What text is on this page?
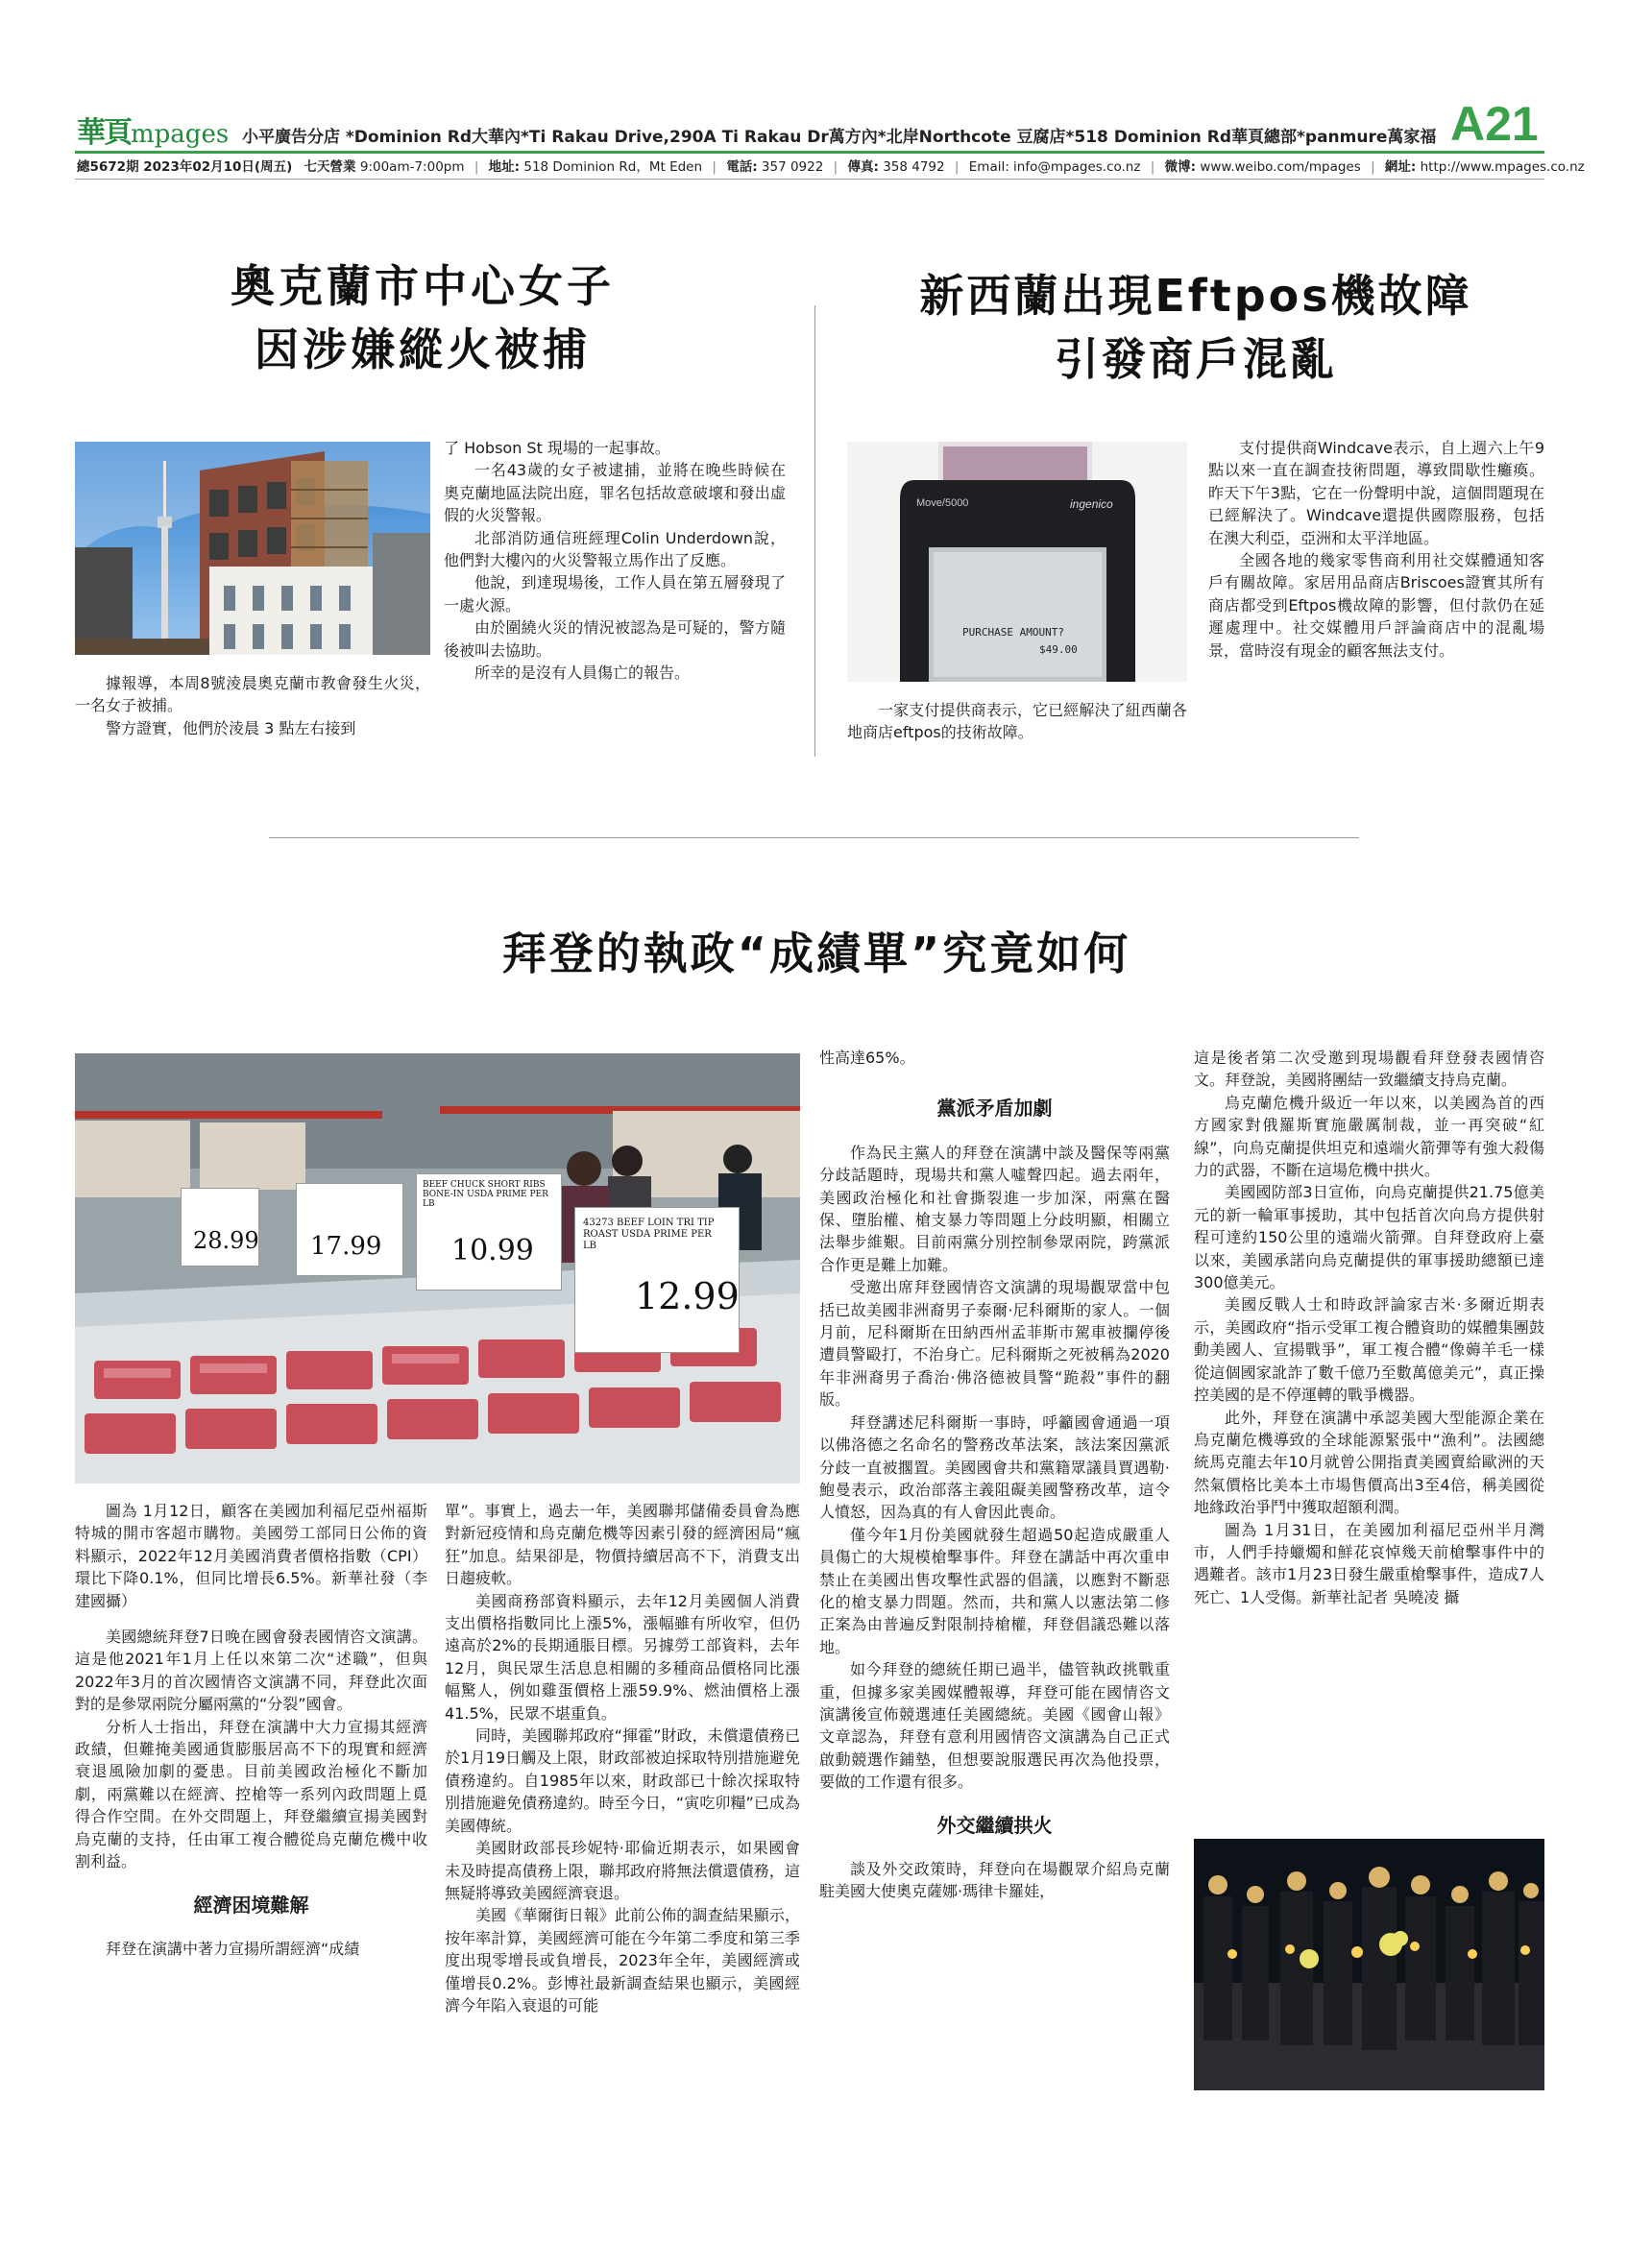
華頁mpages 小平廣告分店 *Dominion Rd大華內*Ti Rakau Drive,290A Ti Rakau Dr萬方內*北岸Northcote 豆腐店*518 Dominion Rd華頁總部*panmure萬家福 A21
總5672期 2023年02月10日(周五) 七天營業 9:00am-7:00pm | 地址: 518 Dominion Rd，Mt Eden | 電話: 357 0922 | 傳真: 358 4792 | Email: info@mpages.co.nz | 微博: www.weibo.com/mpages | 網址: http://www.mpages.co.nz
奧克蘭市中心女子
因涉嫌縱火被捕

據報導，本周8號淩晨奧克蘭市教會發生火災，一名女子被捕。

警方證實，他們於淩晨 3 點左右接到

了 Hobson St 現場的一起事故。

一名43歲的女子被逮捕，並將在晚些時候在奧克蘭地區法院出庭，罪名包括故意破壞和發出虛假的火災警報。

北部消防通信班經理Colin Underdown說，他們對大樓內的火災警報立馬作出了反應。

他說，到達現場後，工作人員在第五層發現了一處火源。

由於圍繞火災的情況被認為是可疑的，警方隨後被叫去協助。

所幸的是沒有人員傷亡的報告。

新西蘭出現Eftpos機故障
引發商戶混亂
Move/5000	ingenico
PURCHASE AMOUNT?
$49.00

一家支付提供商表示，它已經解決了紐西蘭各地商店eftpos的技術故障。

支付提供商Windcave表示，自上週六上午9點以來一直在調查技術問題，導致間歇性癱瘓。昨天下午3點，它在一份聲明中說，這個問題現在已經解決了。Windcave還提供國際服務，包括在澳大利亞，亞洲和太平洋地區。

全國各地的幾家零售商利用社交媒體通知客戶有關故障。家居用品商店Briscoes證實其所有商店都受到Eftpos機故障的影響，但付款仍在延遲處理中。社交媒體用戶評論商店中的混亂場景，當時沒有現金的顧客無法支付。

拜登的執政“成績單”究竟如何
28.99 17.99
BEEF CHUCK SHORT RIBS BONE-IN USDA PRIME PER LB
10.99
43273 BEEF LOIN TRI TIP ROAST USDA PRIME PER LB
12.99

圖為 1月12日，顧客在美國加利福尼亞州福斯特城的開市客超市購物。美國勞工部同日公佈的資料顯示，2022年12月美國消費者價格指數（CPI）環比下降0.1%，但同比增長6.5%。新華社發（李建國攝）

美國總統拜登7日晚在國會發表國情咨文演講。這是他2021年1月上任以來第二次“述職”，但與2022年3月的首次國情咨文演講不同，拜登此次面對的是參眾兩院分屬兩黨的“分裂”國會。

分析人士指出，拜登在演講中大力宣揚其經濟政績，但難掩美國通貨膨脹居高不下的現實和經濟衰退風險加劇的憂患。目前美國政治極化不斷加劇，兩黨難以在經濟、控槍等一系列內政問題上覓得合作空間。在外交問題上，拜登繼續宣揚美國對烏克蘭的支持，任由軍工複合體從烏克蘭危機中收割利益。

經濟困境難解

拜登在演講中著力宣揚所謂經濟“成績

單”。事實上，過去一年，美國聯邦儲備委員會為應對新冠疫情和烏克蘭危機等因素引發的經濟困局“瘋狂”加息。結果卻是，物價持續居高不下，消費支出日趨疲軟。

美國商務部資料顯示，去年12月美國個人消費支出價格指數同比上漲5%，漲幅雖有所收窄，但仍遠高於2%的長期通脹目標。另據勞工部資料，去年12月，與民眾生活息息相關的多種商品價格同比漲幅驚人，例如雞蛋價格上漲59.9%、燃油價格上漲41.5%，民眾不堪重負。

同時，美國聯邦政府“揮霍”財政，未償還債務已於1月19日觸及上限，財政部被迫採取特別措施避免債務違約。自1985年以來，財政部已十餘次採取特別措施避免債務違約。時至今日，“寅吃卯糧”已成為美國傳統。

美國財政部長珍妮特·耶倫近期表示，如果國會未及時提高債務上限，聯邦政府將無法償還債務，這無疑將導致美國經濟衰退。

美國《華爾街日報》此前公佈的調查結果顯示，按年率計算，美國經濟可能在今年第二季度和第三季度出現零增長或負增長，2023年全年，美國經濟或僅增長0.2%。彭博社最新調查結果也顯示，美國經濟今年陷入衰退的可能

性高達65%。

黨派矛盾加劇

作為民主黨人的拜登在演講中談及醫保等兩黨分歧話題時，現場共和黨人噓聲四起。過去兩年，美國政治極化和社會撕裂進一步加深，兩黨在醫保、墮胎權、槍支暴力等問題上分歧明顯，相關立法舉步維艱。目前兩黨分別控制參眾兩院，跨黨派合作更是難上加難。

受邀出席拜登國情咨文演講的現場觀眾當中包括已故美國非洲裔男子泰爾·尼科爾斯的家人。一個月前，尼科爾斯在田納西州孟菲斯市駕車被攔停後遭員警毆打，不治身亡。尼科爾斯之死被稱為2020年非洲裔男子喬治·佛洛德被員警“跪殺”事件的翻版。

拜登講述尼科爾斯一事時，呼籲國會通過一項以佛洛德之名命名的警務改革法案，該法案因黨派分歧一直被擱置。美國國會共和黨籍眾議員賈遇勒·鮑曼表示，政治部落主義阻礙美國警務改革，這令人憤怒，因為真的有人會因此喪命。

僅今年1月份美國就發生超過50起造成嚴重人員傷亡的大規模槍擊事件。拜登在講話中再次重申禁止在美國出售攻擊性武器的倡議，以應對不斷惡化的槍支暴力問題。然而，共和黨人以憲法第二修正案為由普遍反對限制持槍權，拜登倡議恐難以落地。

如今拜登的總統任期已過半，儘管執政挑戰重重，但據多家美國媒體報導，拜登可能在國情咨文演講後宣佈競選連任美國總統。美國《國會山報》文章認為，拜登有意利用國情咨文演講為自己正式啟動競選作鋪墊，但想要說服選民再次為他投票，要做的工作還有很多。

外交繼續拱火

談及外交政策時，拜登向在場觀眾介紹烏克蘭駐美國大使奧克薩娜·瑪律卡羅娃，

這是後者第二次受邀到現場觀看拜登發表國情咨文。拜登說，美國將團結一致繼續支持烏克蘭。

烏克蘭危機升級近一年以來，以美國為首的西方國家對俄羅斯實施嚴厲制裁，並一再突破“紅線”，向烏克蘭提供坦克和遠端火箭彈等有強大殺傷力的武器，不斷在這場危機中拱火。

美國國防部3日宣佈，向烏克蘭提供21.75億美元的新一輪軍事援助，其中包括首次向烏方提供射程可達約150公里的遠端火箭彈。自拜登政府上臺以來，美國承諾向烏克蘭提供的軍事援助總額已達300億美元。

美國反戰人士和時政評論家吉米·多爾近期表示，美國政府“指示受軍工複合體資助的媒體集團鼓動美國人、宣揚戰爭”，軍工複合體“像薅羊毛一樣從這個國家訛詐了數千億乃至數萬億美元”，真正操控美國的是不停運轉的戰爭機器。

此外，拜登在演講中承認美國大型能源企業在烏克蘭危機導致的全球能源緊張中“漁利”。法國總統馬克龍去年10月就曾公開指責美國賣給歐洲的天然氣價格比美本土市場售價高出3至4倍，稱美國從地緣政治爭鬥中獲取超額利潤。

圖為 1月31日，在美國加利福尼亞州半月灣市，人們手持蠟燭和鮮花哀悼幾天前槍擊事件中的遇難者。該市1月23日發生嚴重槍擊事件，造成7人死亡、1人受傷。新華社記者 吳曉凌 攝
